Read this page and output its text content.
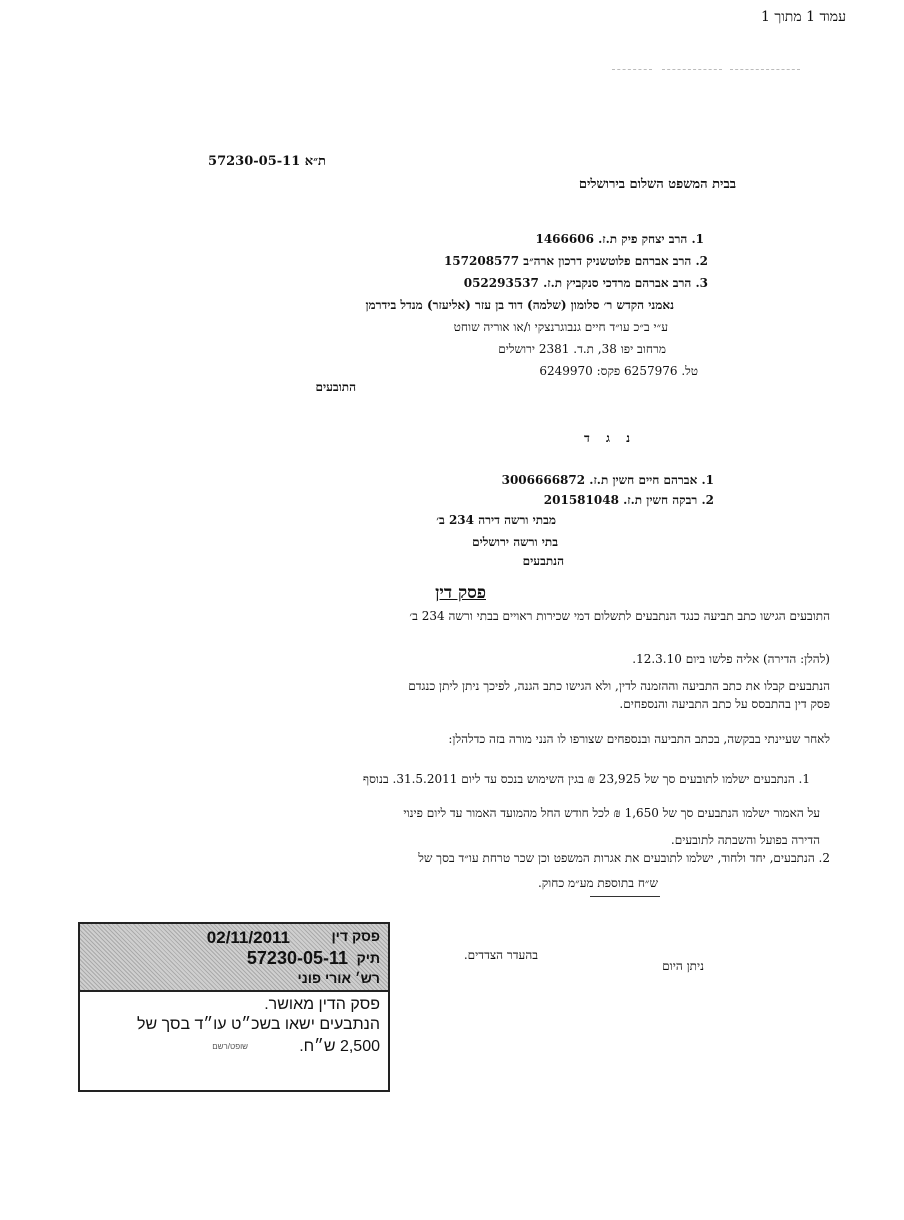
עמוד 1 מתוך 1
ת״א 57230-05-11
בבית המשפט השלום בירושלים
1. הרב יצחק פיק ת.ז. 1466606
2. הרב אברהם פלוטשניק דרכון ארה״ב 157208577
3. הרב אברהם מרדכי סנקביץ ת.ז. 052293537
נאמני הקדש ר׳ סלומון (שלמה) דוד בן עזר (אליעזר) מנדל בידרמן
ע״י ב״כ עו״ד חיים גנבוגרנצקי ו/או אוריה שוחט
מרחוב יפו 38, ת.ד. 2381 ירושלים
טל. 6257976 פקס: 6249970
התובעים
נ ג ד
1. אברהם חיים חשין ת.ז. 3006666872
2. רבקה חשין ת.ז. 201581048
מבתי ורשה דירה 234 ב׳
בתי ורשה ירושלים
הנתבעים
פסק דין
התובעים הגישו כתב תביעה כנגד הנתבעים לתשלום דמי שכירות ראויים בבתי ורשה 234 ב׳
(להלן: הדירה) אליה פלשו ביום 12.3.10.
הנתבעים קבלו את כתב התביעה וההזמנה לדין, ולא הגישו כתב הגנה, לפיכך ניתן ליתן כנגדם
פסק דין בהתבסס על כתב התביעה והנספחים.
לאחר שעיינתי בבקשה, בכתב התביעה ובנספחים שצורפו לו הנני מורה בזה כדלהלן:
1. הנתבעים ישלמו לתובעים סך של 23,925 ₪ בגין השימוש בנכס עד ליום 31.5.2011. בנוסף
על האמור ישלמו הנתבעים סך של 1,650 ₪ לכל חודש החל מהמועד האמור עד ליום פינוי
הדירה בפועל והשבתה לתובעים.
2. הנתבעים, יחד ולחוד, ישלמו לתובעים את אגרות המשפט וכן שכר טרחת עו״ד בסך של
ש״ח בתוספת מע״מ כחוק.
ניתן היום
בהעדר הצדדים.
פסק דין
02/11/2011
תיק
57230-05-11
רש׳ אורי פוני
פסק הדין מאושר.
הנתבעים ישאו בשכ״ט עו״ד בסך של
2,500 ש״ח.
שופט/רשם
